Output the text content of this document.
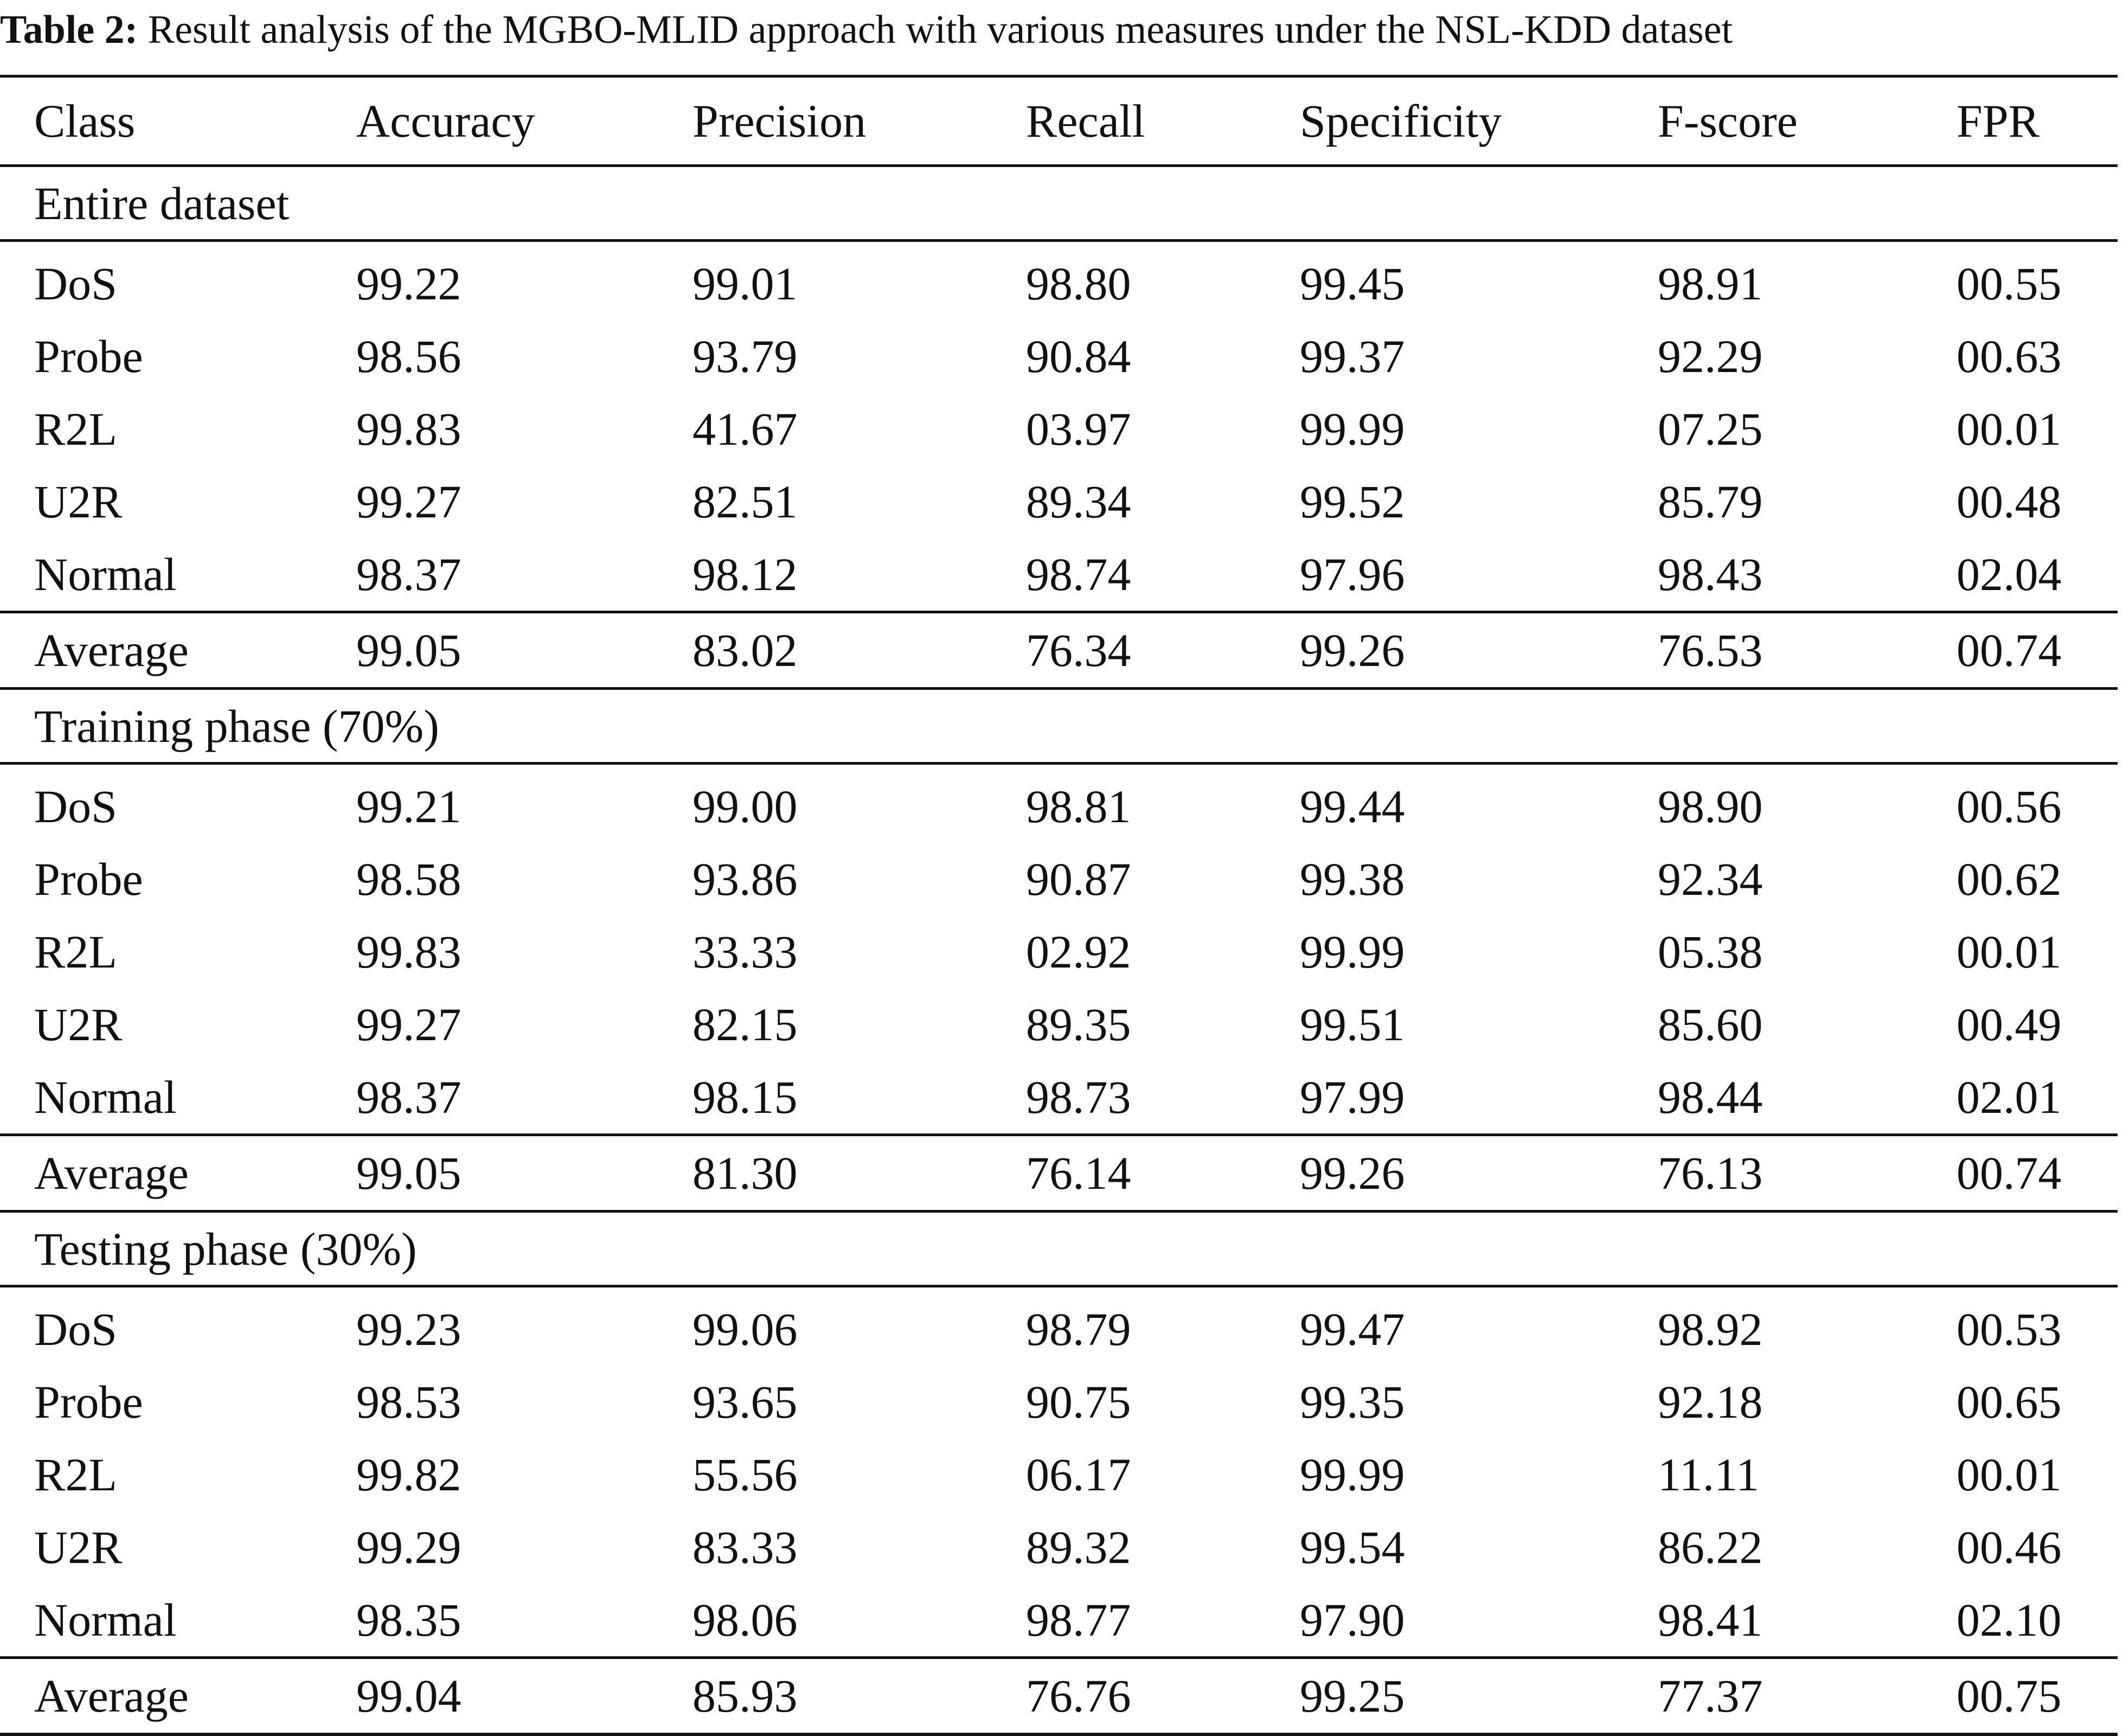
Table 2: Result analysis of the MGBO-MLID approach with various measures under the NSL-KDD dataset
Class	Accuracy	Precision	Recall	Specificity	F-score	FPR
Entire dataset						
DoS	99.22	99.01	98.80	99.45	98.91	00.55
Probe	98.56	93.79	90.84	99.37	92.29	00.63
R2L	99.83	41.67	03.97	99.99	07.25	00.01
U2R	99.27	82.51	89.34	99.52	85.79	00.48
Normal	98.37	98.12	98.74	97.96	98.43	02.04
Average	99.05	83.02	76.34	99.26	76.53	00.74
Training phase (70%)						
DoS	99.21	99.00	98.81	99.44	98.90	00.56
Probe	98.58	93.86	90.87	99.38	92.34	00.62
R2L	99.83	33.33	02.92	99.99	05.38	00.01
U2R	99.27	82.15	89.35	99.51	85.60	00.49
Normal	98.37	98.15	98.73	97.99	98.44	02.01
Average	99.05	81.30	76.14	99.26	76.13	00.74
Testing phase (30%)						
DoS	99.23	99.06	98.79	99.47	98.92	00.53
Probe	98.53	93.65	90.75	99.35	92.18	00.65
R2L	99.82	55.56	06.17	99.99	11.11	00.01
U2R	99.29	83.33	89.32	99.54	86.22	00.46
Normal	98.35	98.06	98.77	97.90	98.41	02.10
Average	99.04	85.93	76.76	99.25	77.37	00.75
